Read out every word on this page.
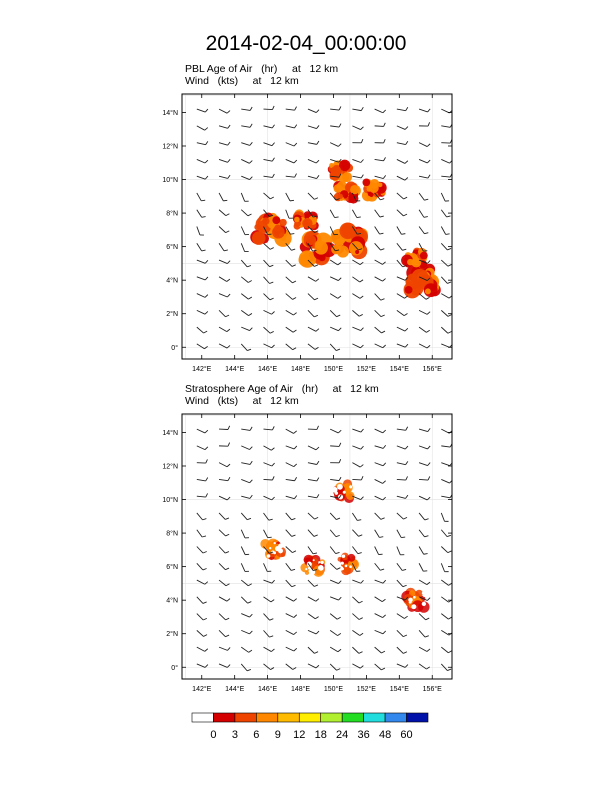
2014-02-04_00:00:00
PBL Age of Air   (hr)     at   12 km
Wind   (kts)     at   12 km
142°E 144°E 146°E 148°E 150°E 152°E 154°E 156°E
0°
2°N
4°N
6°N
8°N
10°N
12°N
14°N
Stratosphere Age of Air   (hr)     at   12 km
Wind   (kts)     at   12 km
142°E 144°E 146°E 148°E 150°E 152°E 154°E 156°E
0°
2°N
4°N
6°N
8°N
10°N
12°N
14°N
0	3	6	9	12 18 24 36 48 60
